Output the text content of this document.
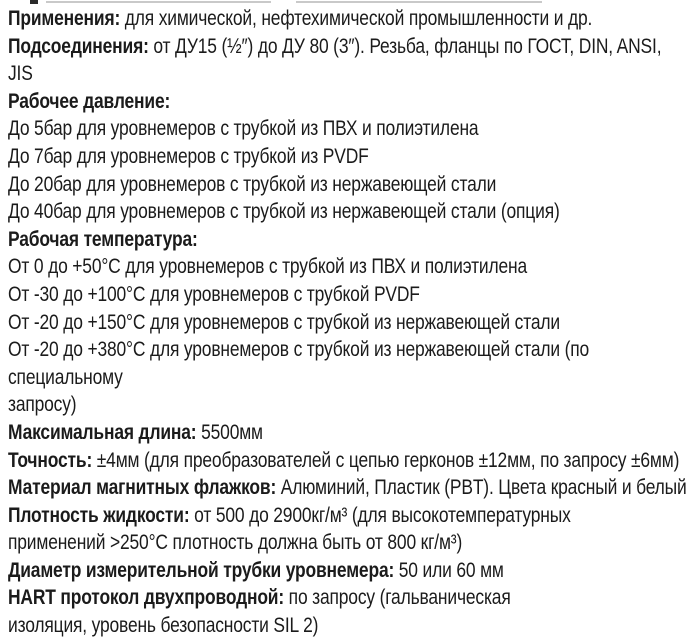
Применения: для химической, нефтехимической промышленности и др.
Подсоединения: от ДУ15 (½″) до ДУ 80 (3″). Резьба, фланцы по ГОСТ, DIN, ANSI, JIS
Рабочее давление:
До 5бар для уровнемеров с трубкой из ПВХ и полиэтилена
До 7бар для уровнемеров с трубкой из PVDF
До 20бар для уровнемеров с трубкой из нержавеющей стали
До 40бар для уровнемеров с трубкой из нержавеющей стали (опция)
Рабочая температура:
От 0 до +50°C для уровнемеров с трубкой из ПВХ и полиэтилена
От -30 до +100°C для уровнемеров с трубкой PVDF
От -20 до +150°C для уровнемеров с трубкой из нержавеющей стали
От -20 до +380°C для уровнемеров с трубкой из нержавеющей стали (по специальному
запросу)
Максимальная длина: 5500мм
Точность: ±4мм (для преобразователей с цепью герконов ±12мм, по запросу ±6мм)
Материал магнитных флажков: Алюминий, Пластик (PBT). Цвета красный и белый
Плотность жидкости: от 500 до 2900кг/м³ (для высокотемпературных
применений >250°C плотность должна быть от 800 кг/м³)
Диаметр измерительной трубки уровнемера: 50 или 60 мм
HART протокол двухпроводной: по запросу (гальваническая
изоляция, уровень безопасности SIL 2)
